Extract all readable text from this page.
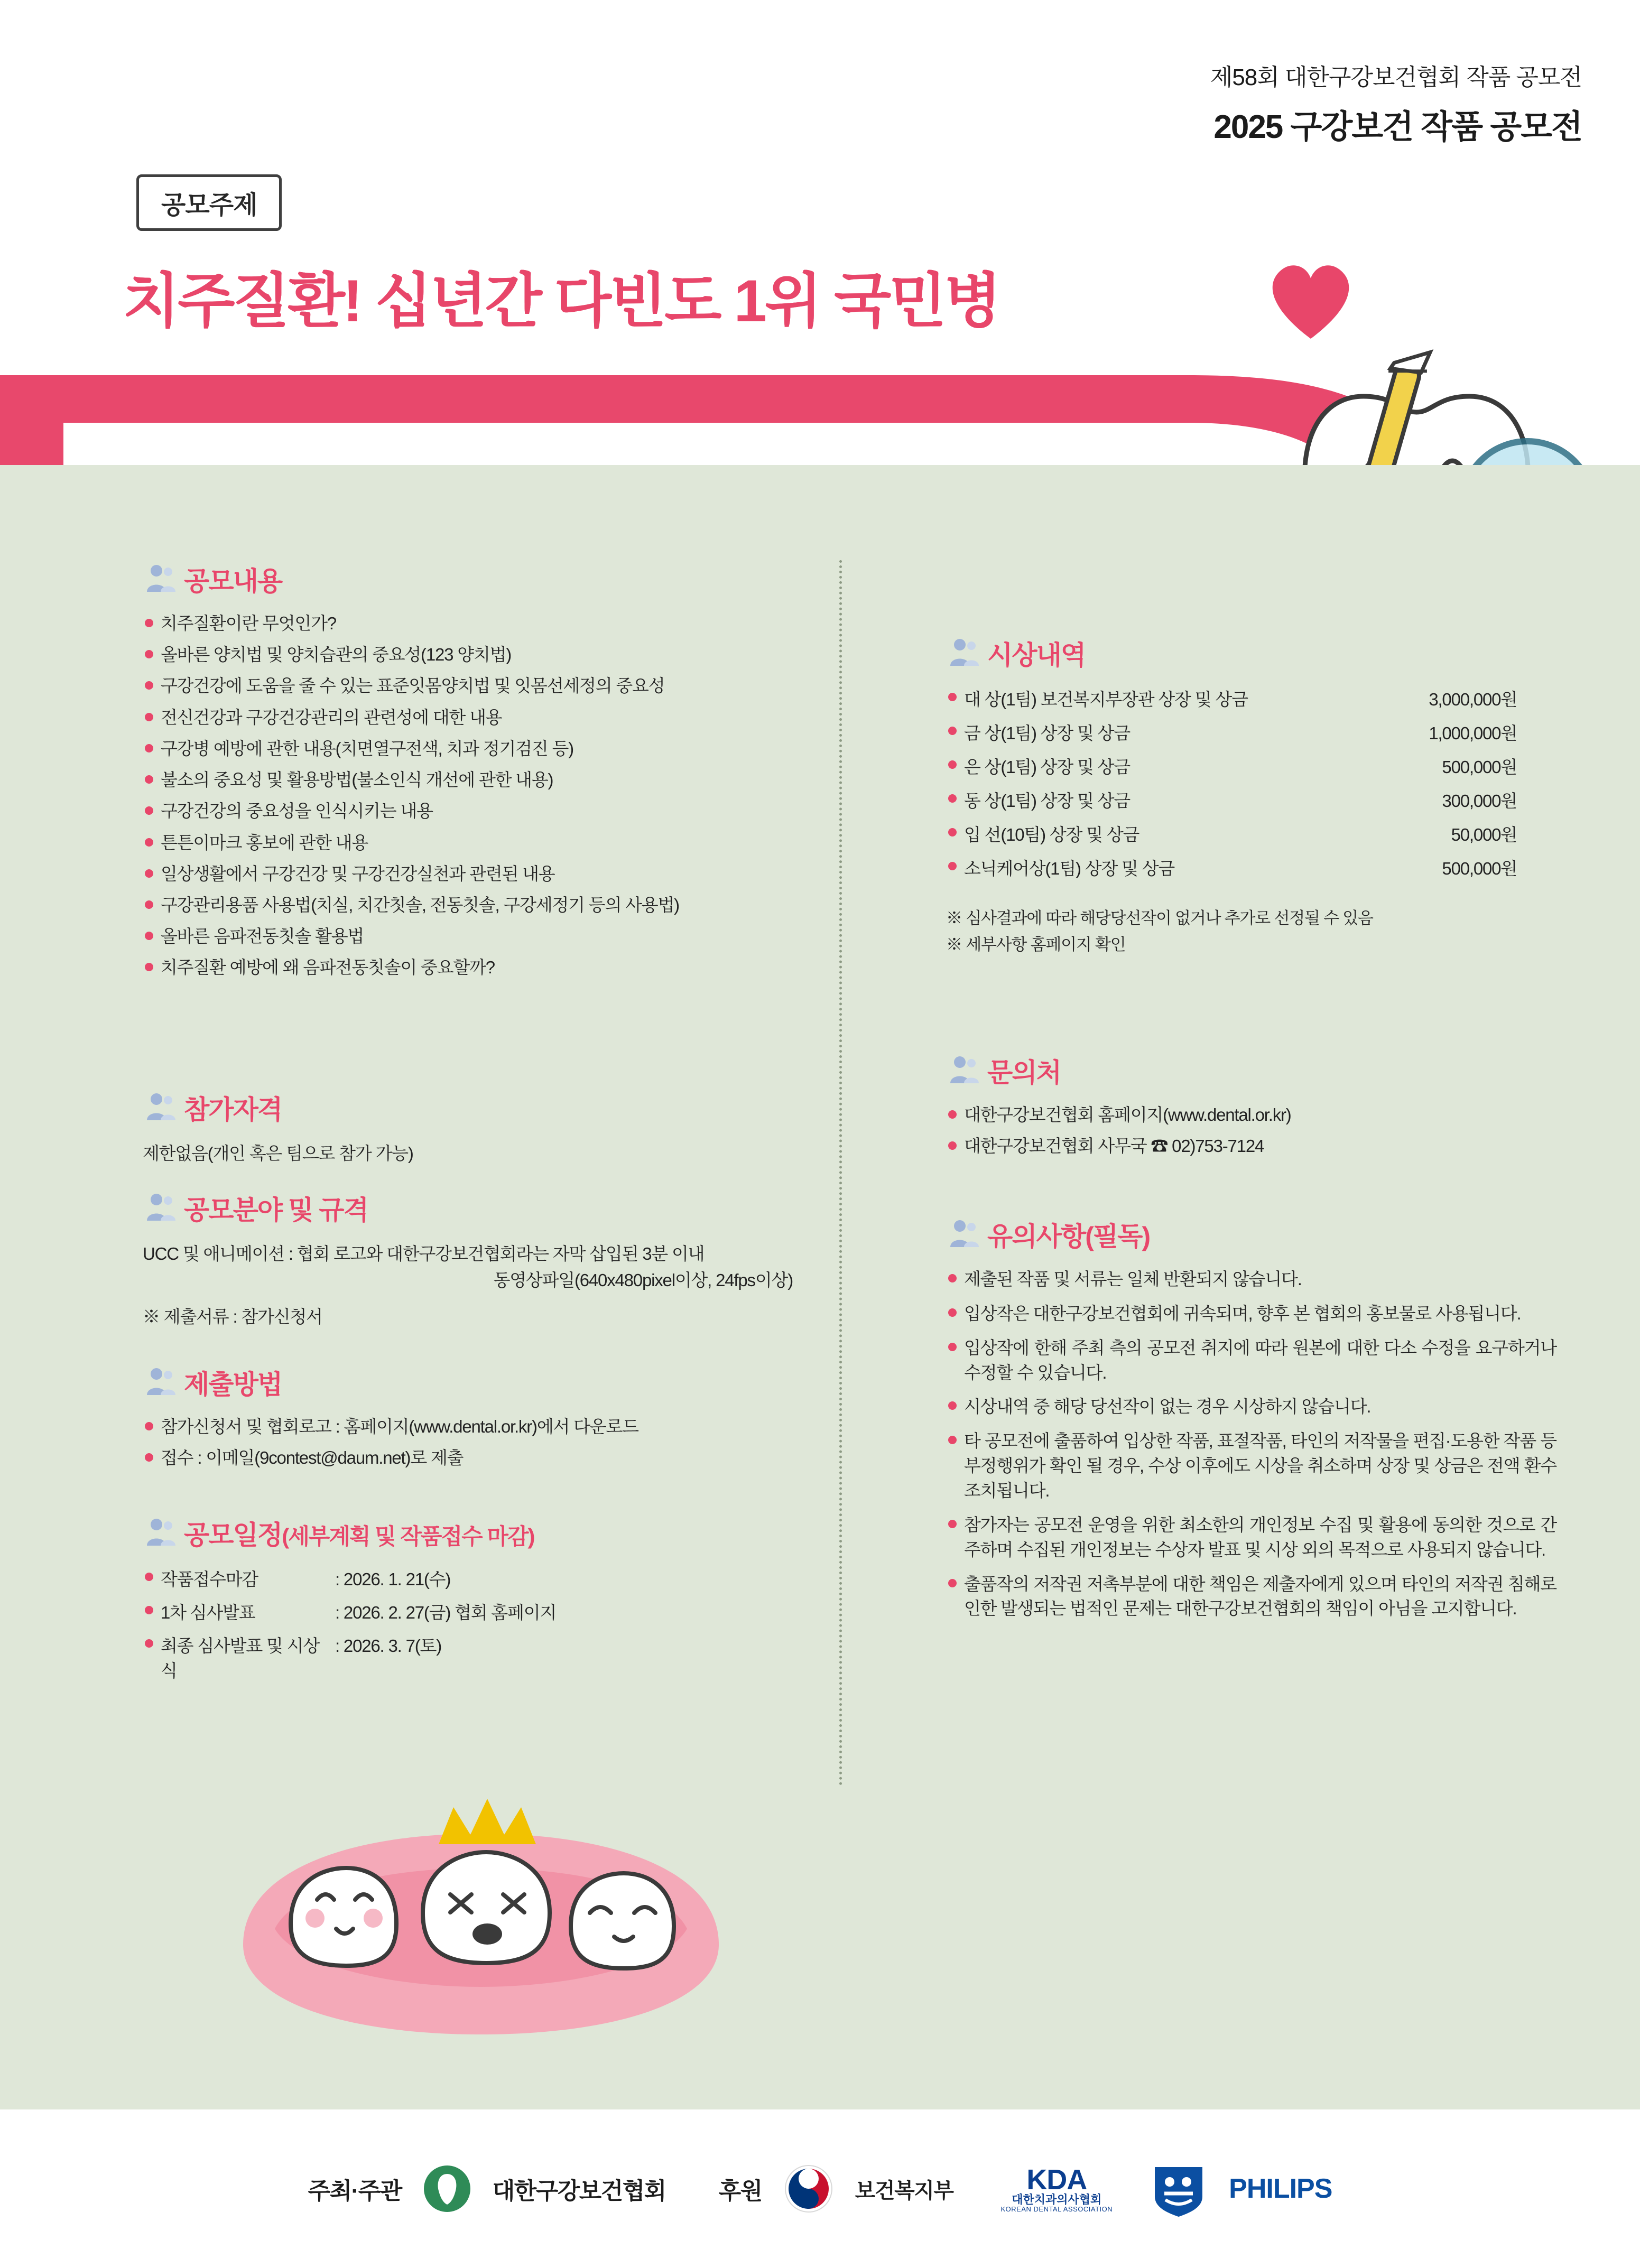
제58회 대한구강보건협회 작품 공모전
2025 구강보건 작품 공모전
공모주제
치주질환! 십년간 다빈도 1위 국민병
공모내용
치주질환이란 무엇인가?
올바른 양치법 및 양치습관의 중요성(123 양치법)
구강건강에 도움을 줄 수 있는 표준잇몸양치법 및 잇몸선세정의 중요성
전신건강과 구강건강관리의 관련성에 대한 내용
구강병 예방에 관한 내용(치면열구전색, 치과 정기검진 등)
불소의 중요성 및 활용방법(불소인식 개선에 관한 내용)
구강건강의 중요성을 인식시키는 내용
튼튼이마크 홍보에 관한 내용
일상생활에서 구강건강 및 구강건강실천과 관련된 내용
구강관리용품 사용법(치실, 치간칫솔, 전동칫솔, 구강세정기 등의 사용법)
올바른 음파전동칫솔 활용법
치주질환 예방에 왜 음파전동칫솔이 중요할까?
참가자격
제한없음(개인 혹은 팀으로 참가 가능)
공모분야 및 규격
UCC 및 애니메이션 : 협회 로고와 대한구강보건협회라는 자막 삽입된 3분 이내
동영상파일(640x480pixel이상, 24fps이상)
※ 제출서류 : 참가신청서
제출방법
참가신청서 및 협회로고 : 홈페이지(www.dental.or.kr)에서 다운로드
접수 : 이메일(9contest@daum.net)로 제출
공모일정(세부계획 및 작품접수 마감)
작품접수마감	: 2026. 1. 21(수)
1차 심사발표	: 2026. 2. 27(금) 협회 홈페이지
최종 심사발표 및 시상식
: 2026. 3. 7(토)
시상내역
대 상(1팀) 보건복지부장관 상장 및 상금	3,000,000원
금 상(1팀) 상장 및 상금	1,000,000원
은 상(1팀) 상장 및 상금	500,000원
동 상(1팀) 상장 및 상금	300,000원
입 선(10팀) 상장 및 상금	50,000원
소닉케어상(1팀) 상장 및 상금	500,000원
※ 심사결과에 따라 해당당선작이 없거나 추가로 선정될 수 있음
※ 세부사항 홈페이지 확인
문의처
대한구강보건협회 홈페이지(www.dental.or.kr)
대한구강보건협회 사무국 ☎ 02)753-7124
유의사항(필독)
제출된 작품 및 서류는 일체 반환되지 않습니다.
입상작은 대한구강보건협회에 귀속되며, 향후 본 협회의 홍보물로 사용됩니다.
입상작에 한해 주최 측의 공모전 취지에 따라 원본에 대한 다소 수정을 요구하거나 수정할 수 있습니다.
시상내역 중 해당 당선작이 없는 경우 시상하지 않습니다.
타 공모전에 출품하여 입상한 작품, 표절작품, 타인의 저작물을 편집·도용한 작품 등 부정행위가 확인 될 경우, 수상 이후에도 시상을 취소하며 상장 및 상금은 전액 환수 조치됩니다.
참가자는 공모전 운영을 위한 최소한의 개인정보 수집 및 활용에 동의한 것으로 간주하며 수집된 개인정보는 수상자 발표 및 시상 외의 목적으로 사용되지 않습니다.
출품작의 저작권 저촉부분에 대한 책임은 제출자에게 있으며 타인의 저작권 침해로 인한 발생되는 법적인 문제는 대한구강보건협회의 책임이 아님을 고지합니다.
주최·주관	대한구강보건협회 후원	보건복지부	KDA
대한치과의사협회
KOREAN DENTAL ASSOCIATION
PHILIPS
